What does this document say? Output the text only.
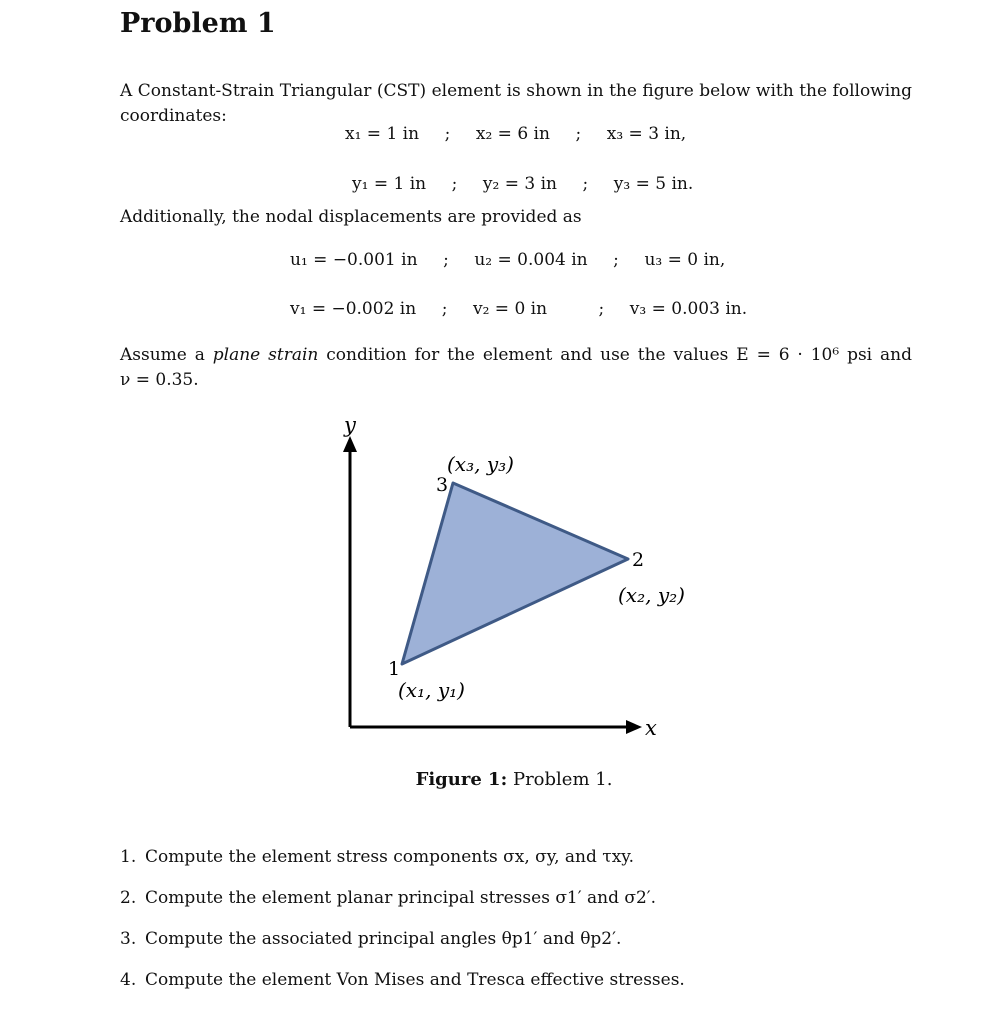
Problem 1
A Constant-Strain Triangular (CST) element is shown in the figure below with the following coordinates:
x₁ = 1 in ; x₂ = 6 in ; x₃ = 3 in,
y₁ = 1 in ; y₂ = 3 in ; y₃ = 5 in.
Additionally, the nodal displacements are provided as
u₁ = −0.001 in ; u₂ = 0.004 in ; u₃ = 0 in,
v₁ = −0.002 in ; v₂ = 0 in	; v₃ = 0.003 in.
Assume a plane strain condition for the element and use the values E = 6 · 10⁶ psi and
ν = 0.35.
y
x
1
2
3
(x₁, y₁)
(x₂, y₂)
(x₃, y₃)
Figure 1: Problem 1.
1. Compute the element stress components σx, σy, and τxy.
2. Compute the element planar principal stresses σ1′ and σ2′.
3. Compute the associated principal angles θp1′ and θp2′.
4. Compute the element Von Mises and Tresca effective stresses.
